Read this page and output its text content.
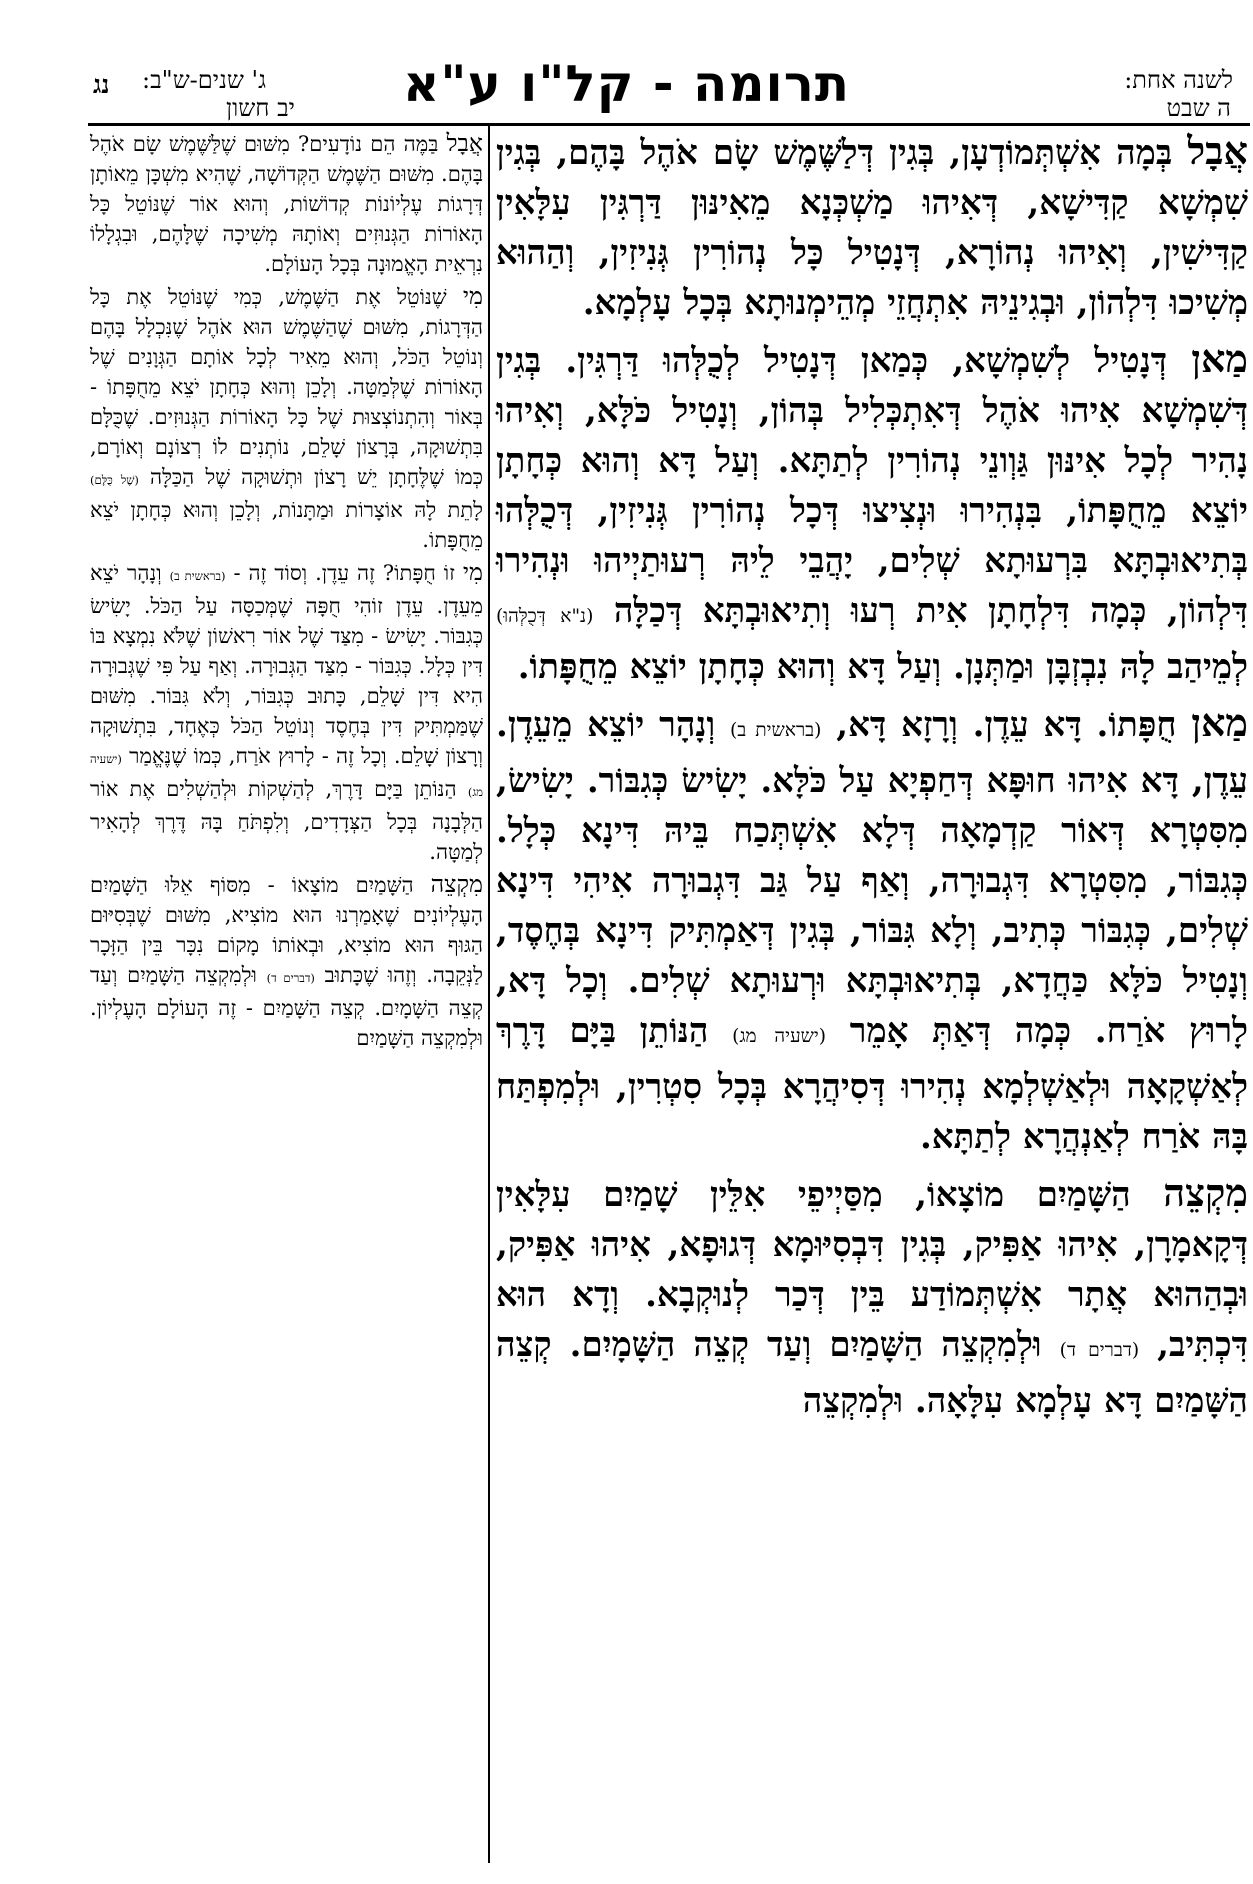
תרומה - קל"ו ע"א	לשנה אחת:
ה שבט
ג' שנים-ש"ב:
יב חשון
נג

אֲבָל בְּמָה אִשְׁתְּמוֹדְעָן, בְּגִין דְּלַשֶּׁמֶשׁ שָׂם אֹהֶל בָּהֶם, בְּגִין שִׁמְשָׁא קַדִּישָׁא, דְּאִיהוּ מַשְׁכְּנָא מֵאִינּוּן דַּרְגִּין עִלָּאִין קַדִּישִׁין, וְאִיהוּ נְהוֹרָא, דְּנָטִיל כָּל נְהוֹרִין גְּנִיזִין, וְהַהוּא מְשִׁיכוּ דִּלְהוֹן, וּבְגִינֵיהּ אִתְחֲזֵי מְהֵימְנוּתָא בְּכָל עָלְמָא.

מַאן דְּנָטִיל לְשִׁמְשָׁא, כְּמַאן דְּנָטִיל לְכֻלְּהוּ דַּרְגִּין. בְּגִין דְּשִׁמְשָׁא אִיהוּ אֹהֶל דְּאִתְכְּלִיל בְּהוֹן, וְנָטִיל כֹּלָּא, וְאִיהוּ נָהִיר לְכָל אִינּוּן גַּוְונֵי נְהוֹרִין לְתַתָּא. וְעַל דָּא וְהוּא כְּחָתָן יוֹצֵא מֵחֻפָּתוֹ, בִּנְהִירוּ וּנְצִיצוּ דְּכָל נְהוֹרִין גְּנִיזִין, דְּכֻלְּהוּ בְּתִיאוּבְתָּא בִּרְעוּתָא שְׁלִים, יָהֲבֵי לֵיהּ רְעוּתַיְיהוּ וּנְהִירוּ דִּלְהוֹן, כְּמָה דִּלְחָתָן אִית רְעוּ וְתִיאוּבְתָּא דְּכַלָּה (נ"א דְּכֻלְּהוּ) לְמֵיהַב לָהּ נִבְזְבָּן וּמַתְּנָן. וְעַל דָּא וְהוּא כְּחָתָן יוֹצֵא מֵחֻפָּתוֹ.

מַאן חֻפָּתוֹ. דָּא עֵדֶן. וְרָזָא דָּא, (בראשית ב) וְנָהָר יוֹצֵא מֵעֵדֶן. עֵדֶן, דָּא אִיהוּ חוּפָּא דְּחַפְיָא עַל כֹּלָּא. יָשִׂישׂ כְּגִבּוֹר. יָשִׂישׂ, מִסִּטְרָא דְּאוֹר קַדְמָאָה דְּלָא אִשְׁתְּכַח בֵּיהּ דִּינָא כְּלָל. כְּגִבּוֹר, מִסִּטְרָא דִּגְבוּרָה, וְאַף עַל גַּב דִּגְבוּרָה אִיהִי דִּינָא שְׁלִים, כְּגִבּוֹר כְּתִיב, וְלָא גִּבּוֹר, בְּגִין דְּאַמְתִּיק דִּינָא בְּחֶסֶד, וְנָטִיל כֹּלָּא כַּחֲדָא, בְּתִיאוּבְתָּא וּרְעוּתָא שְׁלִים. וְכָל דָּא, לָרוּץ אֹרַח. כְּמָה דְּאַתְּ אָמֵר (ישעיה מג) הַנּוֹתֵן בַּיָּם דָּרֶךְ לְאַשְׁקָאָה וּלְאַשְׁלְמָא נְהִירוּ דְּסִיהֲרָא בְּכָל סִטְרִין, וּלְמִפְתַּח בָּהּ אֹרַח לְאַנְהֲרָא לְתַתָּא.

מִקְצֵה הַשָּׁמַיִם מוֹצָאוֹ, מִסַּיְיפֵי אִלֵּין שָׁמַיִם עִלָּאִין דְּקָאמָרָן, אִיהוּ אַפִּיק, בְּגִין דִּבְסִיּוּמָא דְּגוּפָא, אִיהוּ אַפִּיק, וּבְהַהוּא אֲתָר אִשְׁתְּמוֹדַע בֵּין דְּכַר לְנוּקְבָא. וְדָא הוּא דִּכְתִּיב, (דברים ד) וּלְמִקְצֵה הַשָּׁמַיִם וְעַד קְצֵה הַשָּׁמָיִם. קְצֵה הַשָּׁמַיִם דָּא עָלְמָא עִלָּאָה. וּלְמִקְצֵה

אֲבָל בַּמֶּה הֵם נוֹדָעִים? מִשּׁוּם שֶׁלַּשֶּׁמֶשׁ שָׂם אֹהֶל בָּהֶם. מִשּׁוּם הַשֶּׁמֶשׁ הַקְּדוֹשָׁה, שֶׁהִיא מִשְׁכָּן מֵאוֹתָן דְּרָגוֹת עֶלְיוֹנוֹת קְדוֹשׁוֹת, וְהוּא אוֹר שֶׁנּוֹטֵל כָּל הָאוֹרוֹת הַגְּנוּזִים וְאוֹתָהּ מְשִׁיכָה שֶׁלָּהֶם, וּבִגְלָלוֹ נִרְאֵית הָאֱמוּנָה בְּכָל הָעוֹלָם.

מִי שֶׁנּוֹטֵל אֶת הַשֶּׁמֶשׁ, כְּמִי שֶׁנּוֹטֵל אֶת כָּל הַדְּרָגוֹת, מִשּׁוּם שֶׁהַשֶּׁמֶשׁ הוּא אֹהֶל שֶׁנִּכְלָל בָּהֶם וְנוֹטֵל הַכֹּל, וְהוּא מֵאִיר לְכָל אוֹתָם הַגְּוָנִים שֶׁל הָאוֹרוֹת שֶׁלְּמַטָּה. וְלָכֵן וְהוּא כְּחָתָן יֹצֵא מֵחֻפָּתוֹ - בְּאוֹר וְהִתְנוֹצְצוּת שֶׁל כָּל הָאוֹרוֹת הַגְּנוּזִים. שֶׁכֻּלָּם בִּתְשׁוּקָה, בְּרָצוֹן שָׁלֵם, נוֹתְנִים לוֹ רְצוֹנָם וְאוֹרָם, כְּמוֹ שֶׁלֶּחָתָן יֵשׁ רָצוֹן וּתְשׁוּקָה שֶׁל הַכַּלָּה (שֶׁל כֻּלָּם) לָתֵת לָהּ אוֹצָרוֹת וּמַתָּנוֹת, וְלָכֵן וְהוּא כְּחָתָן יֹצֵא מֵחֻפָּתוֹ.

מִי זוֹ חֻפָּתוֹ? זֶה עֵדֶן. וְסוֹד זֶה - (בראשית ב) וְנָהָר יֹצֵא מֵעֵדֶן. עֵדֶן זוֹהִי חֻפָּה שֶׁמְּכַסָּה עַל הַכֹּל. יָשִׂישׂ כְּגִבּוֹר. יָשִׂישׂ - מִצַּד שֶׁל אוֹר רִאשׁוֹן שֶׁלֹּא נִמְצָא בּוֹ דִּין כְּלָל. כְּגִבּוֹר - מִצַּד הַגְּבוּרָה. וְאַף עַל פִּי שֶׁגְּבוּרָה הִיא דִּין שָׁלֵם, כָּתוּב כְּגִבּוֹר, וְלֹא גִּבּוֹר. מִשּׁוּם שֶׁמַּמְתִּיק דִּין בְּחֶסֶד וְנוֹטֵל הַכֹּל כְּאֶחָד, בִּתְשׁוּקָה וְרָצוֹן שָׁלֵם. וְכָל זֶה - לָרוּץ אֹרַח, כְּמוֹ שֶׁנֶּאֱמַר (ישעיה מג) הַנּוֹתֵן בַּיָּם דָּרֶךְ, לְהַשְׁקוֹת וּלְהַשְׁלִים אֶת אוֹר הַלְּבָנָה בְּכָל הַצְּדָדִים, וְלִפְתֹּחַ בָּהּ דֶּרֶךְ לְהָאִיר לְמַטָּה.

מִקְצֵה הַשָּׁמַיִם מוֹצָאוֹ - מִסּוֹף אֵלּוּ הַשָּׁמַיִם הָעֶלְיוֹנִים שֶׁאָמַרְנוּ הוּא מוֹצִיא, מִשּׁוּם שֶׁבְּסִיּוּם הַגּוּף הוּא מוֹצִיא, וּבְאוֹתוֹ מָקוֹם נִכָּר בֵּין הַזָּכָר לַנְּקֵבָה. וְזֶהוּ שֶׁכָּתוּב (דברים ד) וּלְמִקְצֵה הַשָּׁמַיִם וְעַד קְצֵה הַשָּׁמָיִם. קְצֵה הַשָּׁמַיִם - זֶה הָעוֹלָם הָעֶלְיוֹן. וּלְמִקְצֵה הַשָּׁמַיִם
